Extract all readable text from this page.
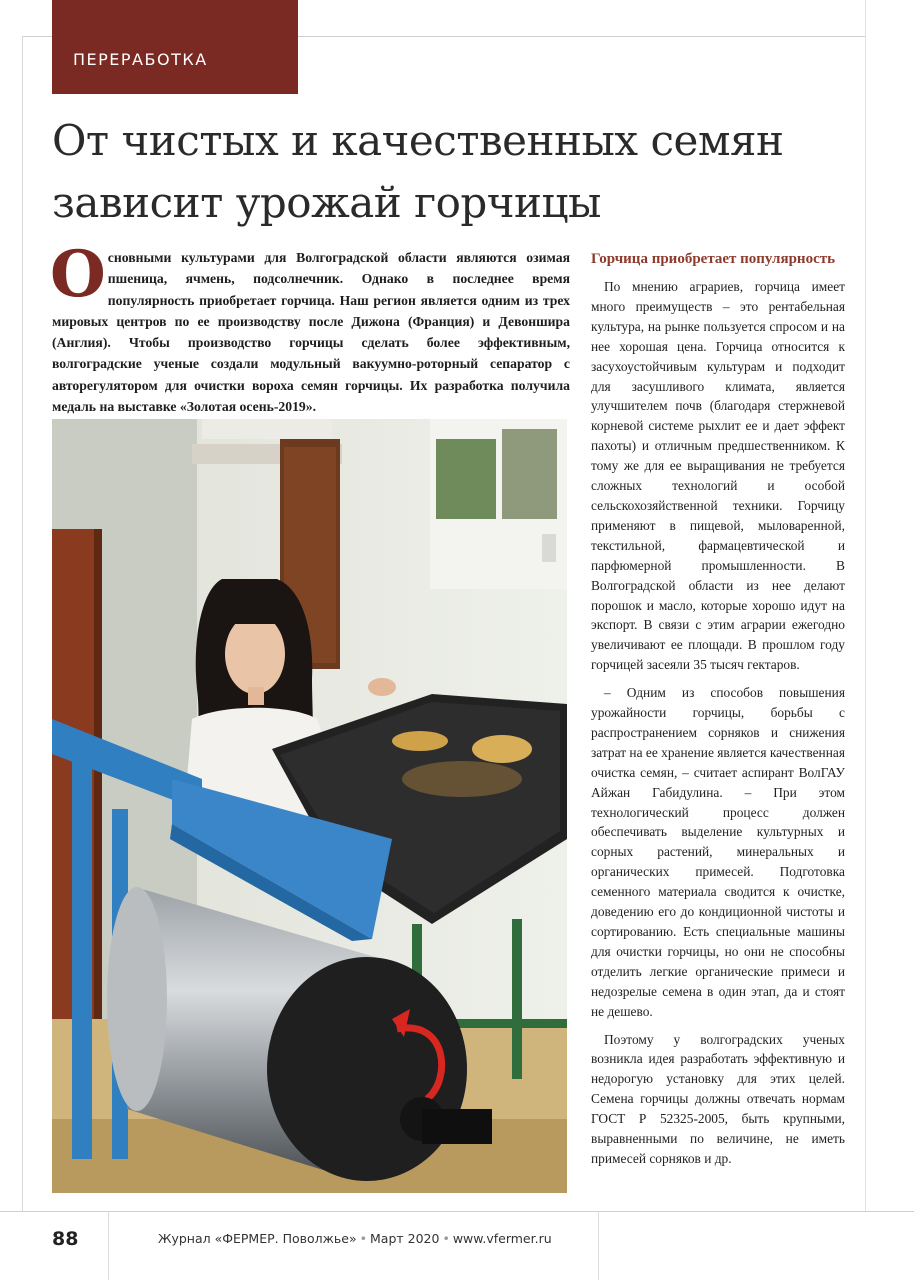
ПЕРЕРАБОТКА
От чистых и качественных семян зависит урожай горчицы

Основными культурами для Волгоградской области являются озимая пшеница, ячмень, подсолнечник. Однако в последнее время популярность приобретает горчица. Наш регион является одним из трех мировых центров по ее производству после Дижона (Франция) и Девоншира (Англия). Чтобы производство горчицы сделать более эффективным, волгоградские ученые создали модульный вакуумно-роторный сепаратор с авторегулятором для очистки вороха семян горчицы. Их разработка получила медаль на выставке «Золотая осень-2019».

Горчица приобретает популярность

По мнению аграриев, горчица имеет много преимуществ – это рентабельная культура, на рынке пользуется спросом и на нее хорошая цена. Горчица относится к засухоустойчивым культурам и подходит для засушливого климата, является улучшителем почв (благодаря стержневой корневой системе рыхлит ее и дает эффект пахоты) и отличным предшественником. К тому же для ее выращивания не требуется сложных технологий и особой сельскохозяйственной техники. Горчицу применяют в пищевой, мыловаренной, текстильной, фармацевтической и парфюмерной промышленности. В Волгоградской области из нее делают порошок и масло, которые хорошо идут на экспорт. В связи с этим аграрии ежегодно увеличивают ее площади. В прошлом году горчицей засеяли 35 тысяч гектаров.

– Одним из способов повышения урожайности горчицы, борьбы с распространением сорняков и снижения затрат на ее хранение является качественная очистка семян, – считает аспирант ВолГАУ Айжан Габидулина. – При этом технологический процесс должен обеспечивать выделение культурных и сорных растений, минеральных и органических примесей. Подготовка семенного материала сводится к очистке, доведению его до кондиционной чистоты и сортированию. Есть специальные машины для очистки горчицы, но они не способны отделить легкие органические примеси и недозрелые семена в один этап, да и стоят не дешево.

Поэтому у волгоградских ученых возникла идея разработать эффективную и недорогую установку для этих целей. Семена горчицы должны отвечать нормам ГОСТ Р 52325-2005, быть крупными, выравненными по величине, не иметь примесей сорняков и др.

88	Журнал «ФЕРМЕР. Поволжье» • Март 2020 • www.vfermer.ru
